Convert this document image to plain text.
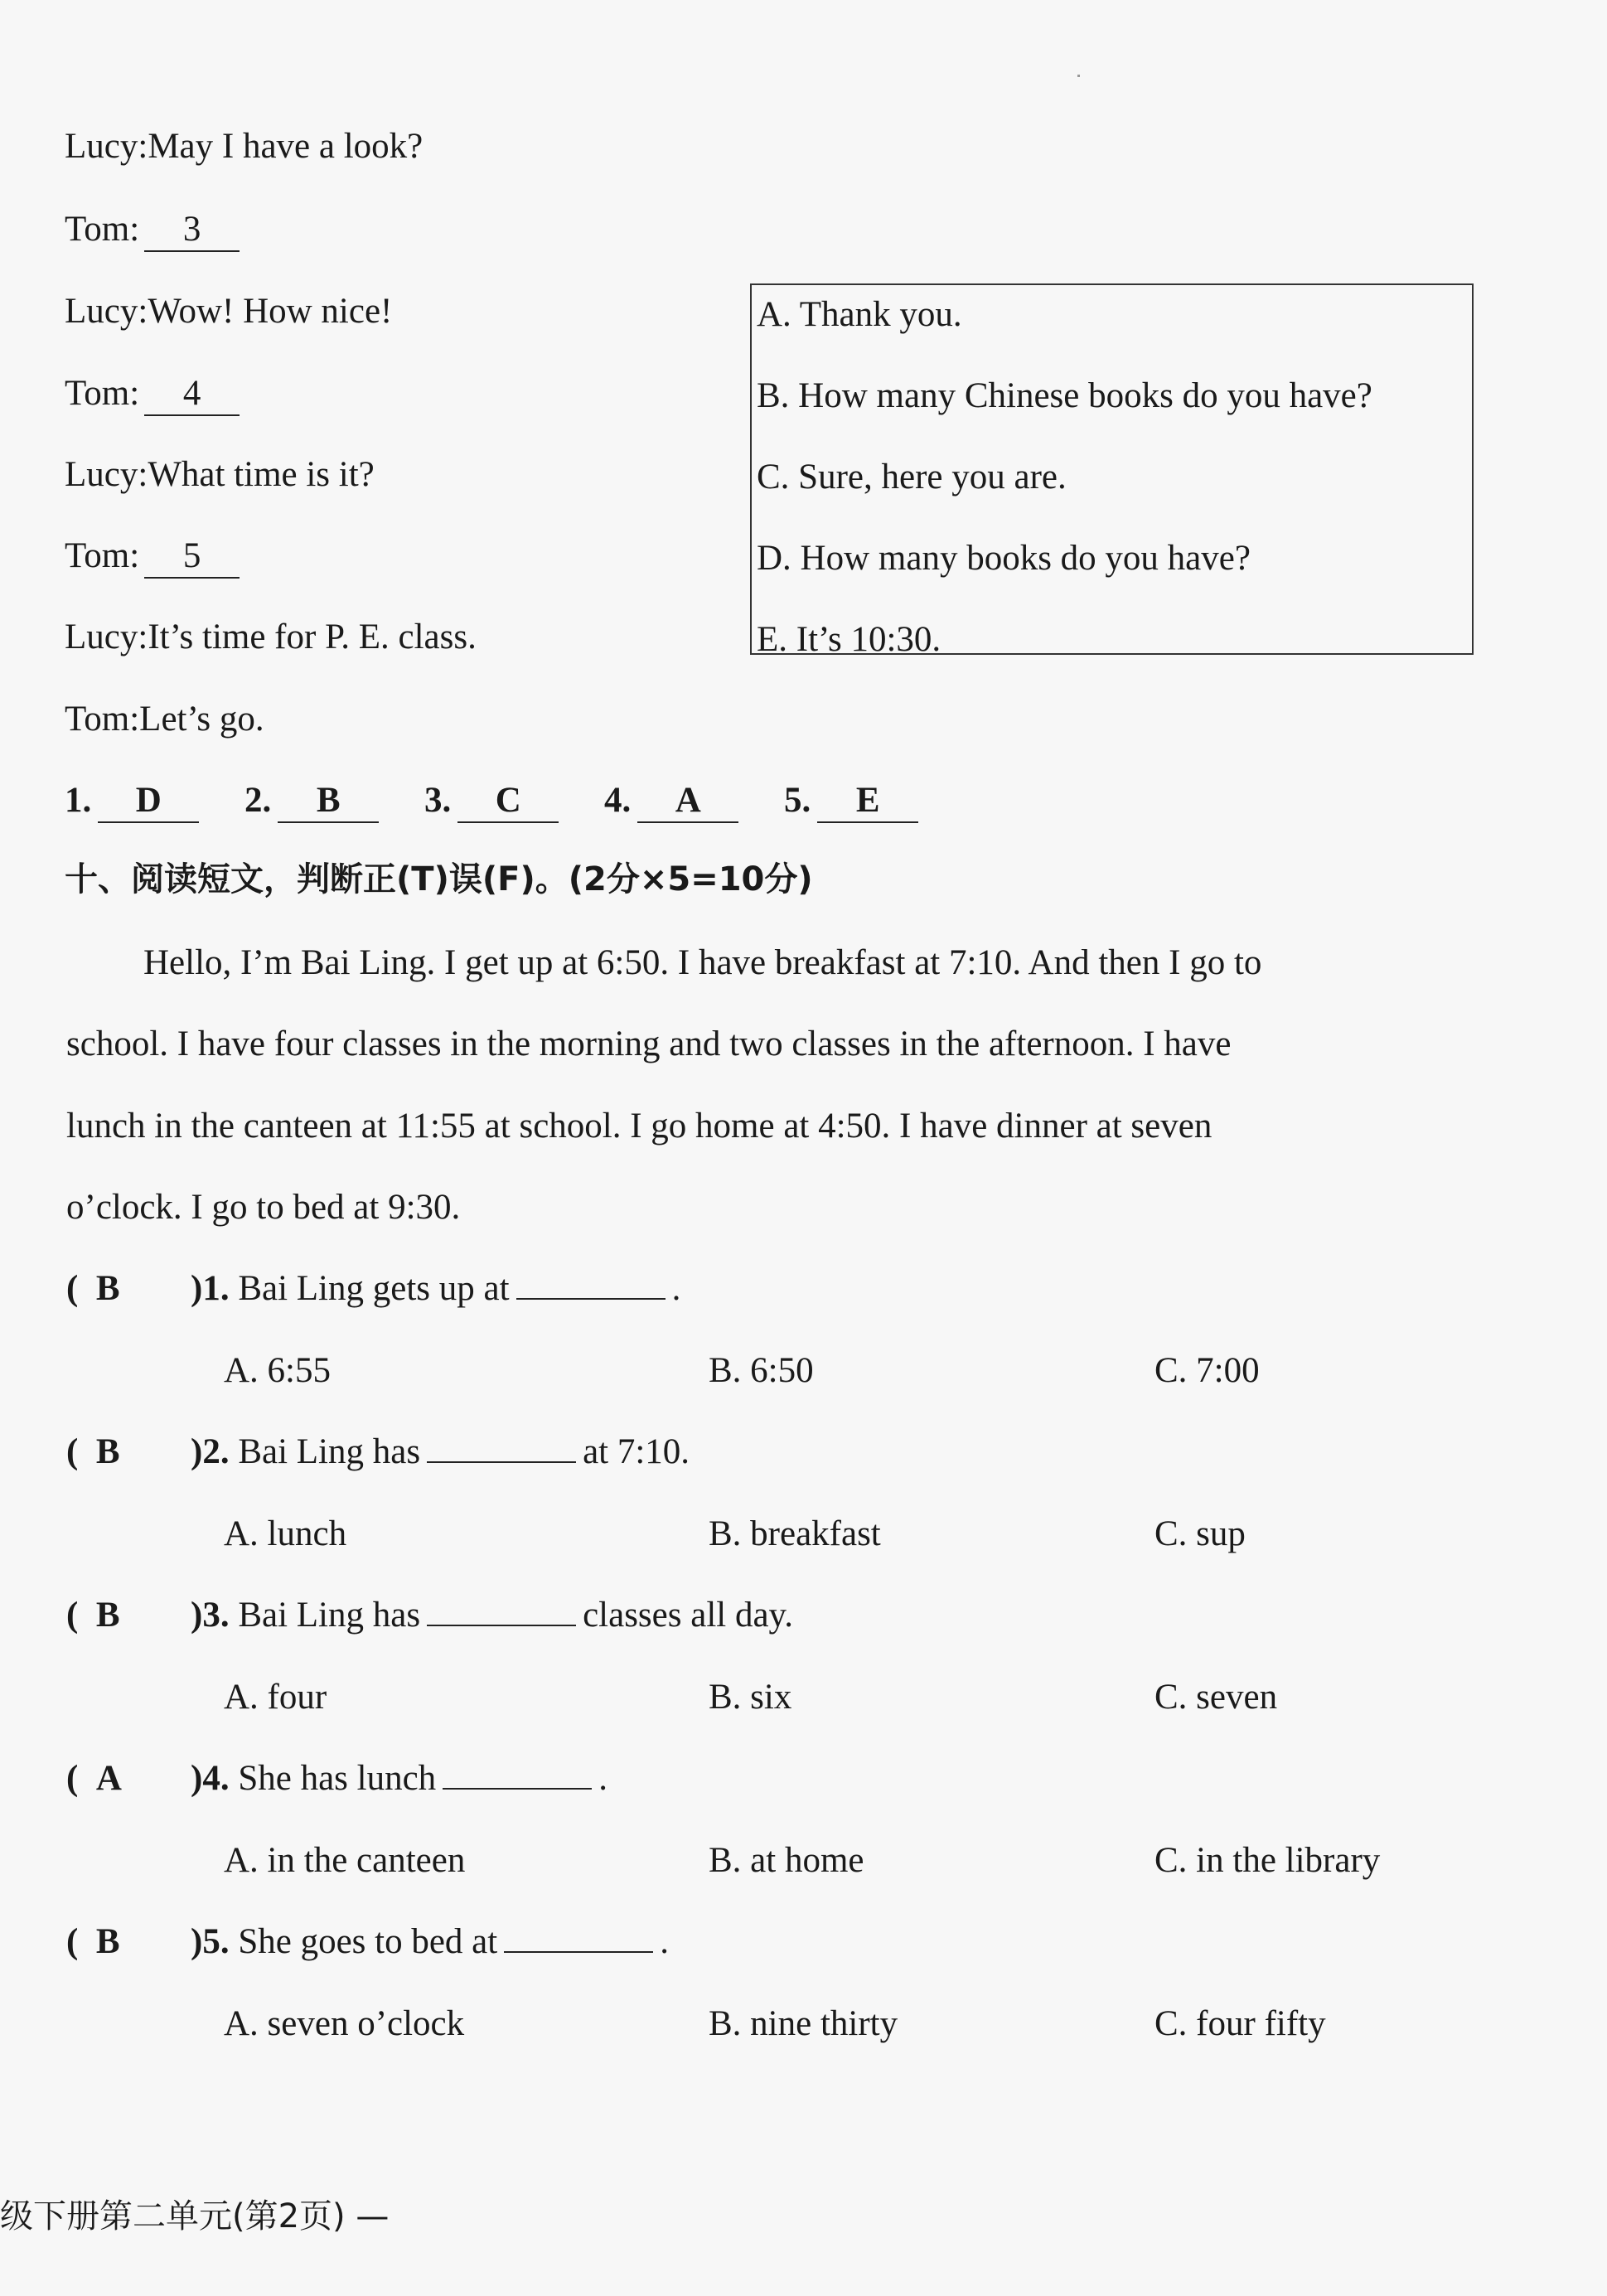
Lucy:May I have a look?
Tom: 3
Lucy:Wow! How nice!
Tom: 4
Lucy:What time is it?
Tom: 5
Lucy:It’s time for P. E. class.
Tom:Let’s go.
A. Thank you.
B. How many Chinese books do you have?
C. Sure, here you are.
D. How many books do you have?
E. It’s 10:30.
1. D	2. B	3. C	4. A	5. E
十、阅读短文，判断正(T)误(F)。(2分×5=10分)
Hello, I’m Bai Ling. I get up at 6:50. I have breakfast at 7:10. And then I go to
school. I have four classes in the morning and two classes in the afternoon. I have
lunch in the canteen at 11:55 at school. I go home at 4:50. I have dinner at seven
o’clock. I go to bed at 9:30.
(  B )1. Bai Ling gets up at	.
A. 6:55	B. 6:50	C. 7:00
(  B )2. Bai Ling has	at 7:10.
A. lunch	B. breakfast	C. sup
(  B )3. Bai Ling has	classes all day.
A. four	B. six	C. seven
(  A )4. She has lunch	.
A. in the canteen	B. at home	C. in the library
(  B )5. She goes to bed at	.
A. seven o’clock	B. nine thirty	C. four fifty
级下册第二单元(第2页) —
